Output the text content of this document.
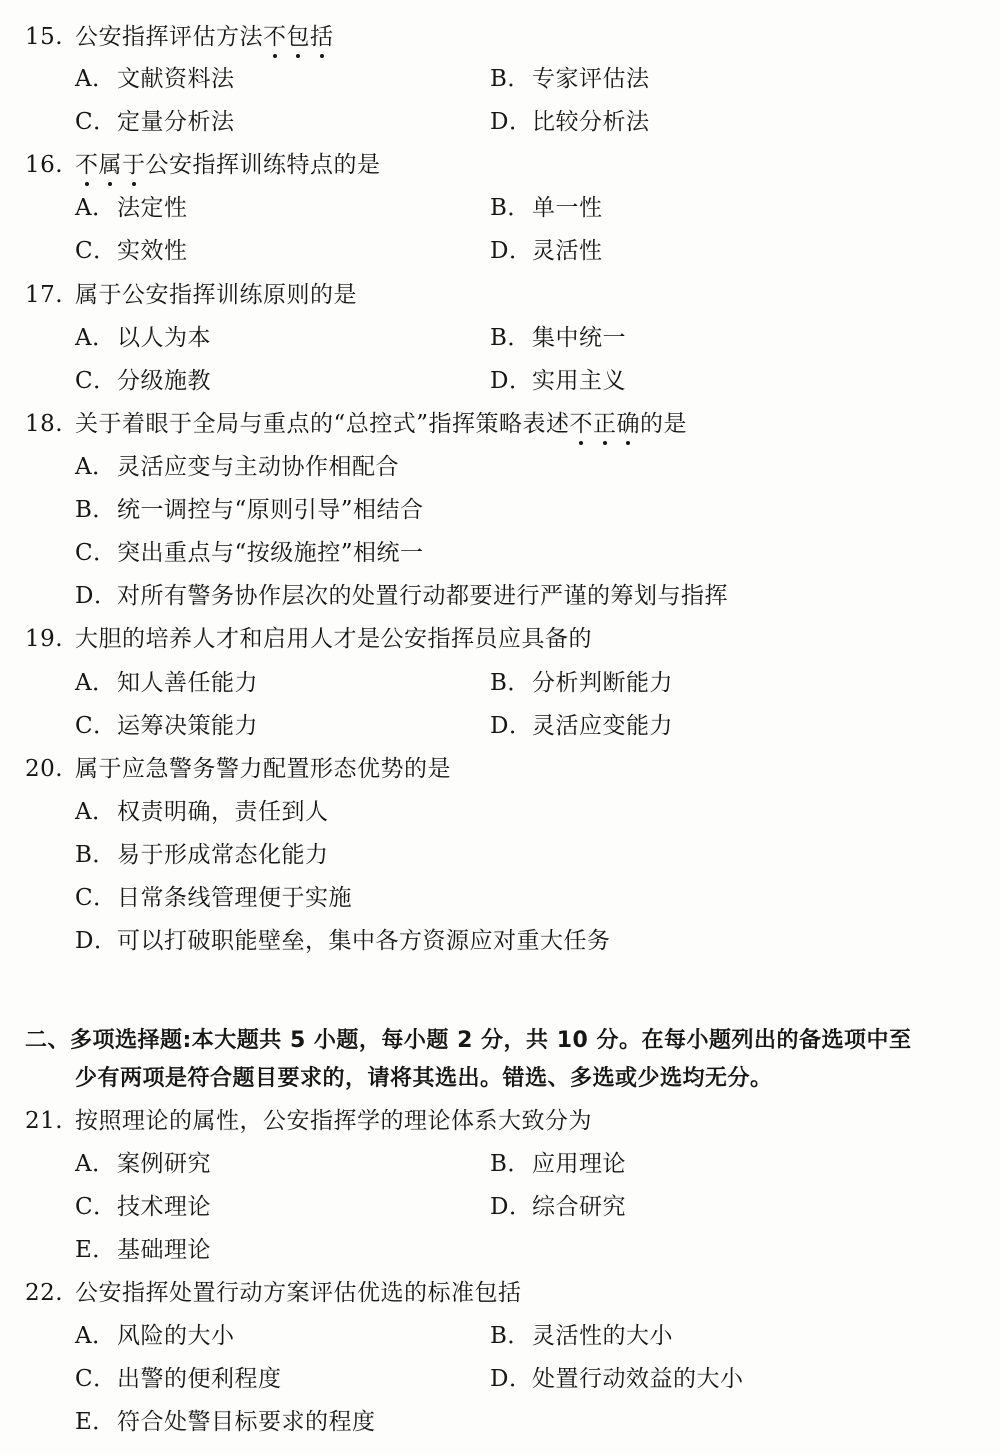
15. 公安指挥评估方法不包括
A．文献资料法	B．专家评估法
C．定量分析法	D．比较分析法
16. 不属于公安指挥训练特点的是
A．法定性	B．单一性
C．实效性	D．灵活性
17. 属于公安指挥训练原则的是
A．以人为本	B．集中统一
C．分级施教	D．实用主义
18. 关于着眼于全局与重点的“总控式”指挥策略表述不正确的是
A．灵活应变与主动协作相配合
B．统一调控与“原则引导”相结合
C．突出重点与“按级施控”相统一
D．对所有警务协作层次的处置行动都要进行严谨的筹划与指挥
19. 大胆的培养人才和启用人才是公安指挥员应具备的
A．知人善任能力	B．分析判断能力
C．运筹决策能力	D．灵活应变能力
20. 属于应急警务警力配置形态优势的是
A．权责明确，责任到人
B．易于形成常态化能力
C．日常条线管理便于实施
D．可以打破职能壁垒，集中各方资源应对重大任务
二、多项选择题:本大题共 5 小题，每小题 2 分，共 10 分。在每小题列出的备选项中至
少有两项是符合题目要求的，请将其选出。错选、多选或少选均无分。
21. 按照理论的属性，公安指挥学的理论体系大致分为
A．案例研究	B．应用理论
C．技术理论	D．综合研究
E．基础理论
22. 公安指挥处置行动方案评估优选的标准包括
A．风险的大小	B．灵活性的大小
C．出警的便利程度	D．处置行动效益的大小
E．符合处警目标要求的程度
